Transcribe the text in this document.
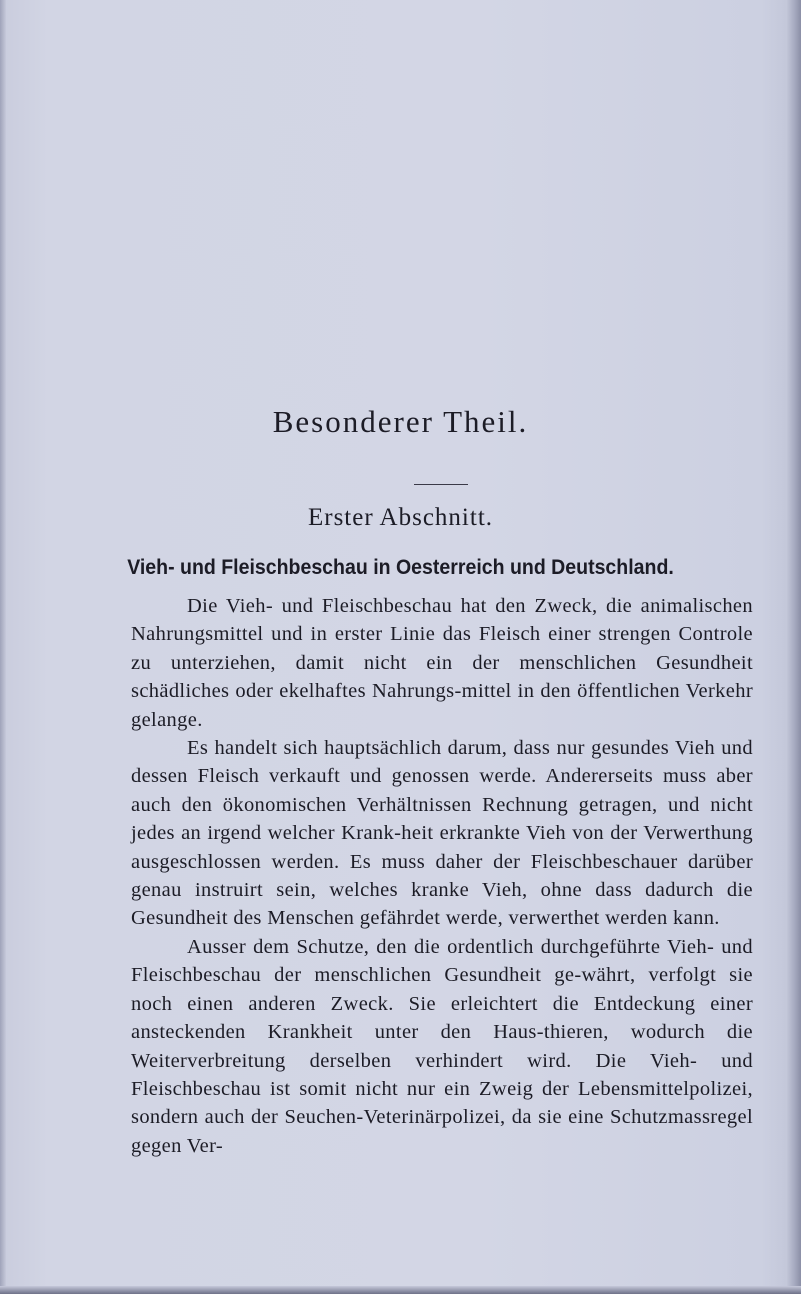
Besonderer Theil.
Erster Abschnitt.
Vieh- und Fleischbeschau in Oesterreich und Deutschland.

Die Vieh- und Fleischbeschau hat den Zweck, die animalischen Nahrungsmittel und in erster Linie das Fleisch einer strengen Controle zu unterziehen, damit nicht ein der menschlichen Gesundheit schädliches oder ekelhaftes Nahrungs-mittel in den öffentlichen Verkehr gelange.

Es handelt sich hauptsächlich darum, dass nur gesundes Vieh und dessen Fleisch verkauft und genossen werde. Andererseits muss aber auch den ökonomischen Verhältnissen Rechnung getragen, und nicht jedes an irgend welcher Krank-heit erkrankte Vieh von der Verwerthung ausgeschlossen werden. Es muss daher der Fleischbeschauer darüber genau instruirt sein, welches kranke Vieh, ohne dass dadurch die Gesundheit des Menschen gefährdet werde, verwerthet werden kann.

Ausser dem Schutze, den die ordentlich durchgeführte Vieh- und Fleischbeschau der menschlichen Gesundheit ge-währt, verfolgt sie noch einen anderen Zweck. Sie erleichtert die Entdeckung einer ansteckenden Krankheit unter den Haus-thieren, wodurch die Weiterverbreitung derselben verhindert wird. Die Vieh- und Fleischbeschau ist somit nicht nur ein Zweig der Lebensmittelpolizei, sondern auch der Seuchen-Veterinärpolizei, da sie eine Schutzmassregel gegen Ver-
